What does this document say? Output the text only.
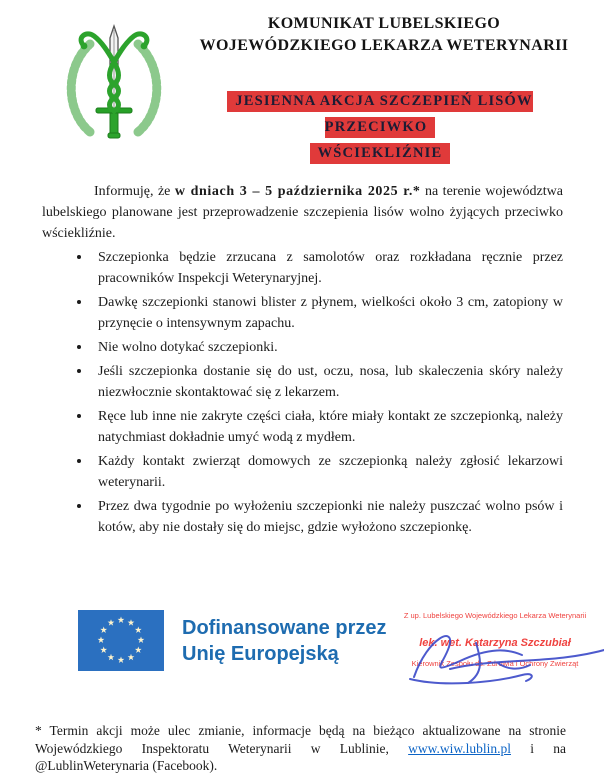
KOMUNIKAT LUBELSKIEGO
WOJEWÓDZKIEGO LEKARZA WETERYNARII
JESIENNA AKCJA SZCZEPIEŃ LISÓW PRZECIWKO
WŚCIEKLIŹNIE

Informuję, że w dniach 3 – 5 października 2025 r.* na terenie województwa lubelskiego planowane jest przeprowadzenie szczepienia lisów wolno żyjących przeciwko wściekliźnie.

• Szczepionka będzie zrzucana z samolotów oraz rozkładana ręcznie przez pracowników Inspekcji Weterynaryjnej.
• Dawkę szczepionki stanowi blister z płynem, wielkości około 3 cm, zatopiony w przynęcie o intensywnym zapachu.
• Nie wolno dotykać szczepionki.
• Jeśli szczepionka dostanie się do ust, oczu, nosa, lub skaleczenia skóry należy niezwłocznie skontaktować się z lekarzem.
• Ręce lub inne nie zakryte części ciała, które miały kontakt ze szczepionką, należy natychmiast dokładnie umyć wodą z mydłem.
• Każdy kontakt zwierząt domowych ze szczepionką należy zgłosić lekarzowi weterynarii.
• Przez dwa tygodnie po wyłożeniu szczepionki nie należy puszczać wolno psów i kotów, aby nie dostały się do miejsc, gdzie wyłożono szczepionkę.
Dofinansowane przez
Unię Europejską
Z up. Lubelskiego Wojewódzkiego Lekarza Weterynarii
lek. wet. Katarzyna Szczubiał
Kierownik Zespołu ds. Zdrowia i Ochrony Zwierząt
* Termin akcji może ulec zmianie, informacje będą na bieżąco aktualizowane na stronie Wojewódzkiego Inspektoratu Weterynarii w Lublinie, www.wiw.lublin.pl i na @LublinWeterynaria (Facebook).
